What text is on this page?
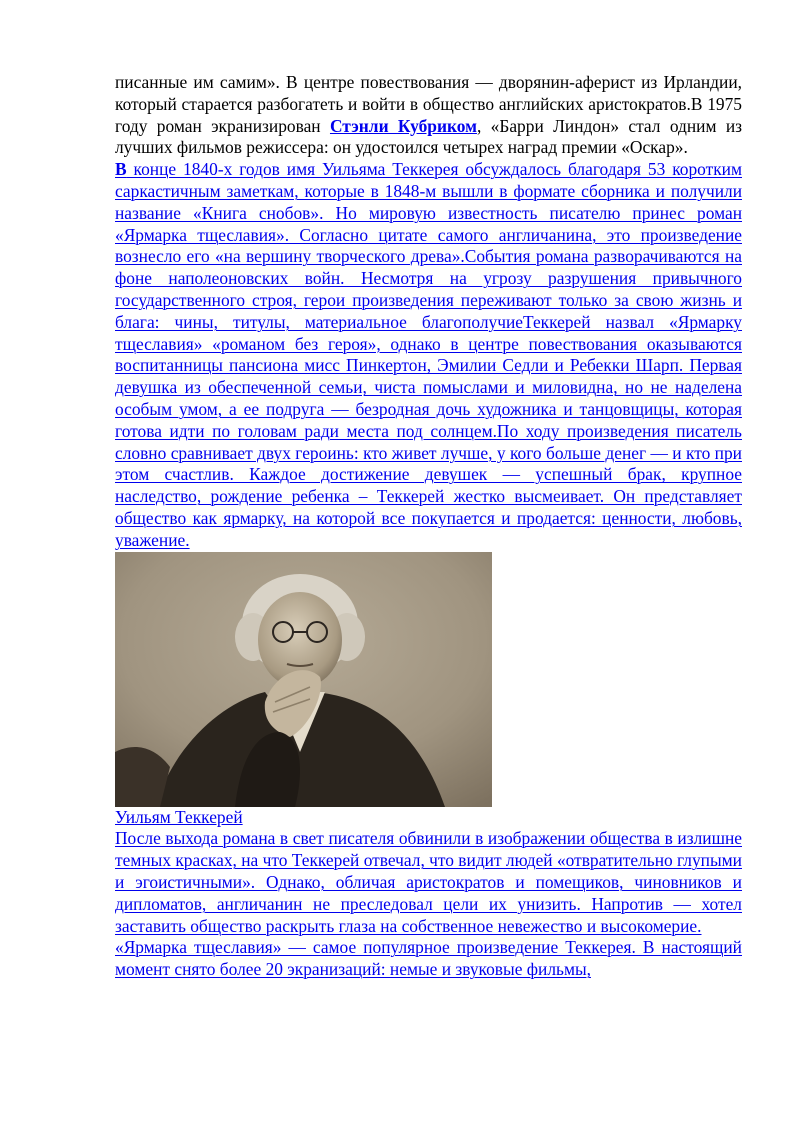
писанные им самим». В центре повествования — дворянин-аферист из Ирландии, который старается разбогатеть и войти в общество английских аристократов.В 1975 году роман экранизирован Стэнли Кубриком, «Барри Линдон» стал одним из лучших фильмов режиссера: он удостоился четырех наград премии «Оскар».

В конце 1840-х годов имя Уильяма Теккерея обсуждалось благодаря 53 коротким саркастичным заметкам, которые в 1848-м вышли в формате сборника и получили название «Книга снобов». Но мировую известность писателю принес роман «Ярмарка тщеславия». Согласно цитате самого англичанина, это произведение вознесло его «на вершину творческого древа».События романа разворачиваются на фоне наполеоновских войн. Несмотря на угрозу разрушения привычного государственного строя, герои произведения переживают только за свою жизнь и блага: чины, титулы, материальное благополучиеТеккерей назвал «Ярмарку тщеславия» «романом без героя», однако в центре повествования оказываются воспитанницы пансиона мисс Пинкертон, Эмилии Седли и Ребекки Шарп. Первая девушка из обеспеченной семьи, чиста помыслами и миловидна, но не наделена особым умом, а ее подруга — безродная дочь художника и танцовщицы, которая готова идти по головам ради места под солнцем.По ходу произведения писатель словно сравнивает двух героинь: кто живет лучше, у кого больше денег — и кто при этом счастлив. Каждое достижение девушек — успешный брак, крупное наследство, рождение ребенка – Теккерей жестко высмеивает. Он представляет общество как ярмарку, на которой все покупается и продается: ценности, любовь, уважение.

Уильям Теккерей

После выхода романа в свет писателя обвинили в изображении общества в излишне темных красках, на что Теккерей отвечал, что видит людей «отвратительно глупыми и эгоистичными». Однако, обличая аристократов и помещиков, чиновников и дипломатов, англичанин не преследовал цели их унизить. Напротив — хотел заставить общество раскрыть глаза на собственное невежество и высокомерие.

«Ярмарка тщеславия» — самое популярное произведение Теккерея. В настоящий момент снято более 20 экранизаций: немые и звуковые фильмы,
